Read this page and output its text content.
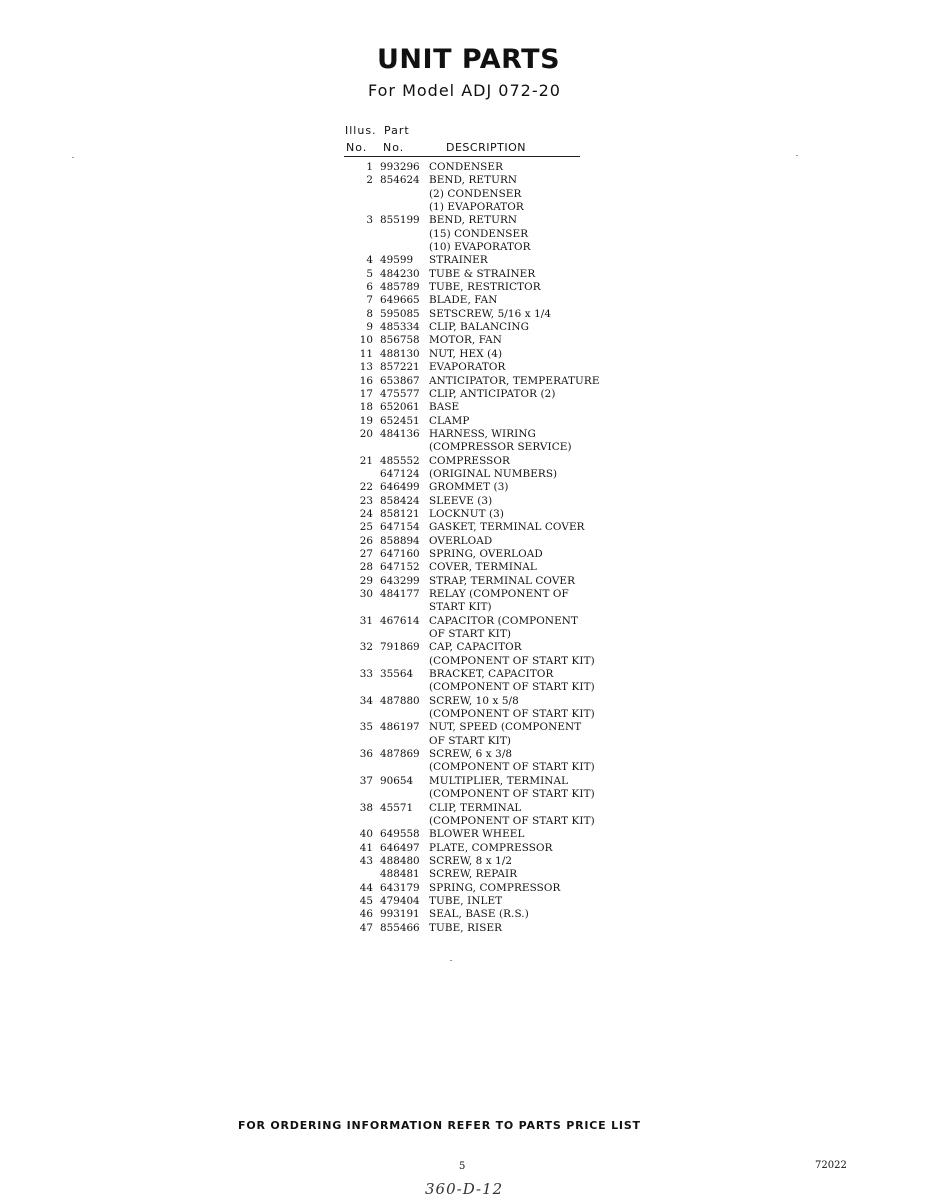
UNIT PARTS
For Model ADJ 072-20
Illus. Part
No. No.	DESCRIPTION
1 993296 CONDENSER
2 854624 BEND, RETURN
(2) CONDENSER
(1) EVAPORATOR
3 855199 BEND, RETURN
(15) CONDENSER
(10) EVAPORATOR
4 49599 STRAINER
5 484230 TUBE & STRAINER
6 485789 TUBE, RESTRICTOR
7 649665 BLADE, FAN
8 595085 SETSCREW, 5/16 x 1/4
9 485334 CLIP, BALANCING
10 856758 MOTOR, FAN
11 488130 NUT, HEX (4)
13 857221 EVAPORATOR
16 653867 ANTICIPATOR, TEMPERATURE
17 475577 CLIP, ANTICIPATOR (2)
18 652061 BASE
19 652451 CLAMP
20 484136 HARNESS, WIRING
(COMPRESSOR SERVICE)
21 485552 COMPRESSOR
647124 (ORIGINAL NUMBERS)
22 646499 GROMMET (3)
23 858424 SLEEVE (3)
24 858121 LOCKNUT (3)
25 647154 GASKET, TERMINAL COVER
26 858894 OVERLOAD
27 647160 SPRING, OVERLOAD
28 647152 COVER, TERMINAL
29 643299 STRAP, TERMINAL COVER
30 484177 RELAY (COMPONENT OF
START KIT)
31 467614 CAPACITOR (COMPONENT
OF START KIT)
32 791869 CAP, CAPACITOR
(COMPONENT OF START KIT)
33 35564 BRACKET, CAPACITOR
(COMPONENT OF START KIT)
34 487880 SCREW, 10 x 5/8
(COMPONENT OF START KIT)
35 486197 NUT, SPEED (COMPONENT
OF START KIT)
36 487869 SCREW, 6 x 3/8
(COMPONENT OF START KIT)
37 90654 MULTIPLIER, TERMINAL
(COMPONENT OF START KIT)
38 45571 CLIP, TERMINAL
(COMPONENT OF START KIT)
40 649558 BLOWER WHEEL
41 646497 PLATE, COMPRESSOR
43 488480 SCREW, 8 x 1/2
488481 SCREW, REPAIR
44 643179 SPRING, COMPRESSOR
45 479404 TUBE, INLET
46 993191 SEAL, BASE (R.S.)
47 855466 TUBE, RISER
FOR ORDERING INFORMATION REFER TO PARTS PRICE LIST
5	72022
360-D-12
